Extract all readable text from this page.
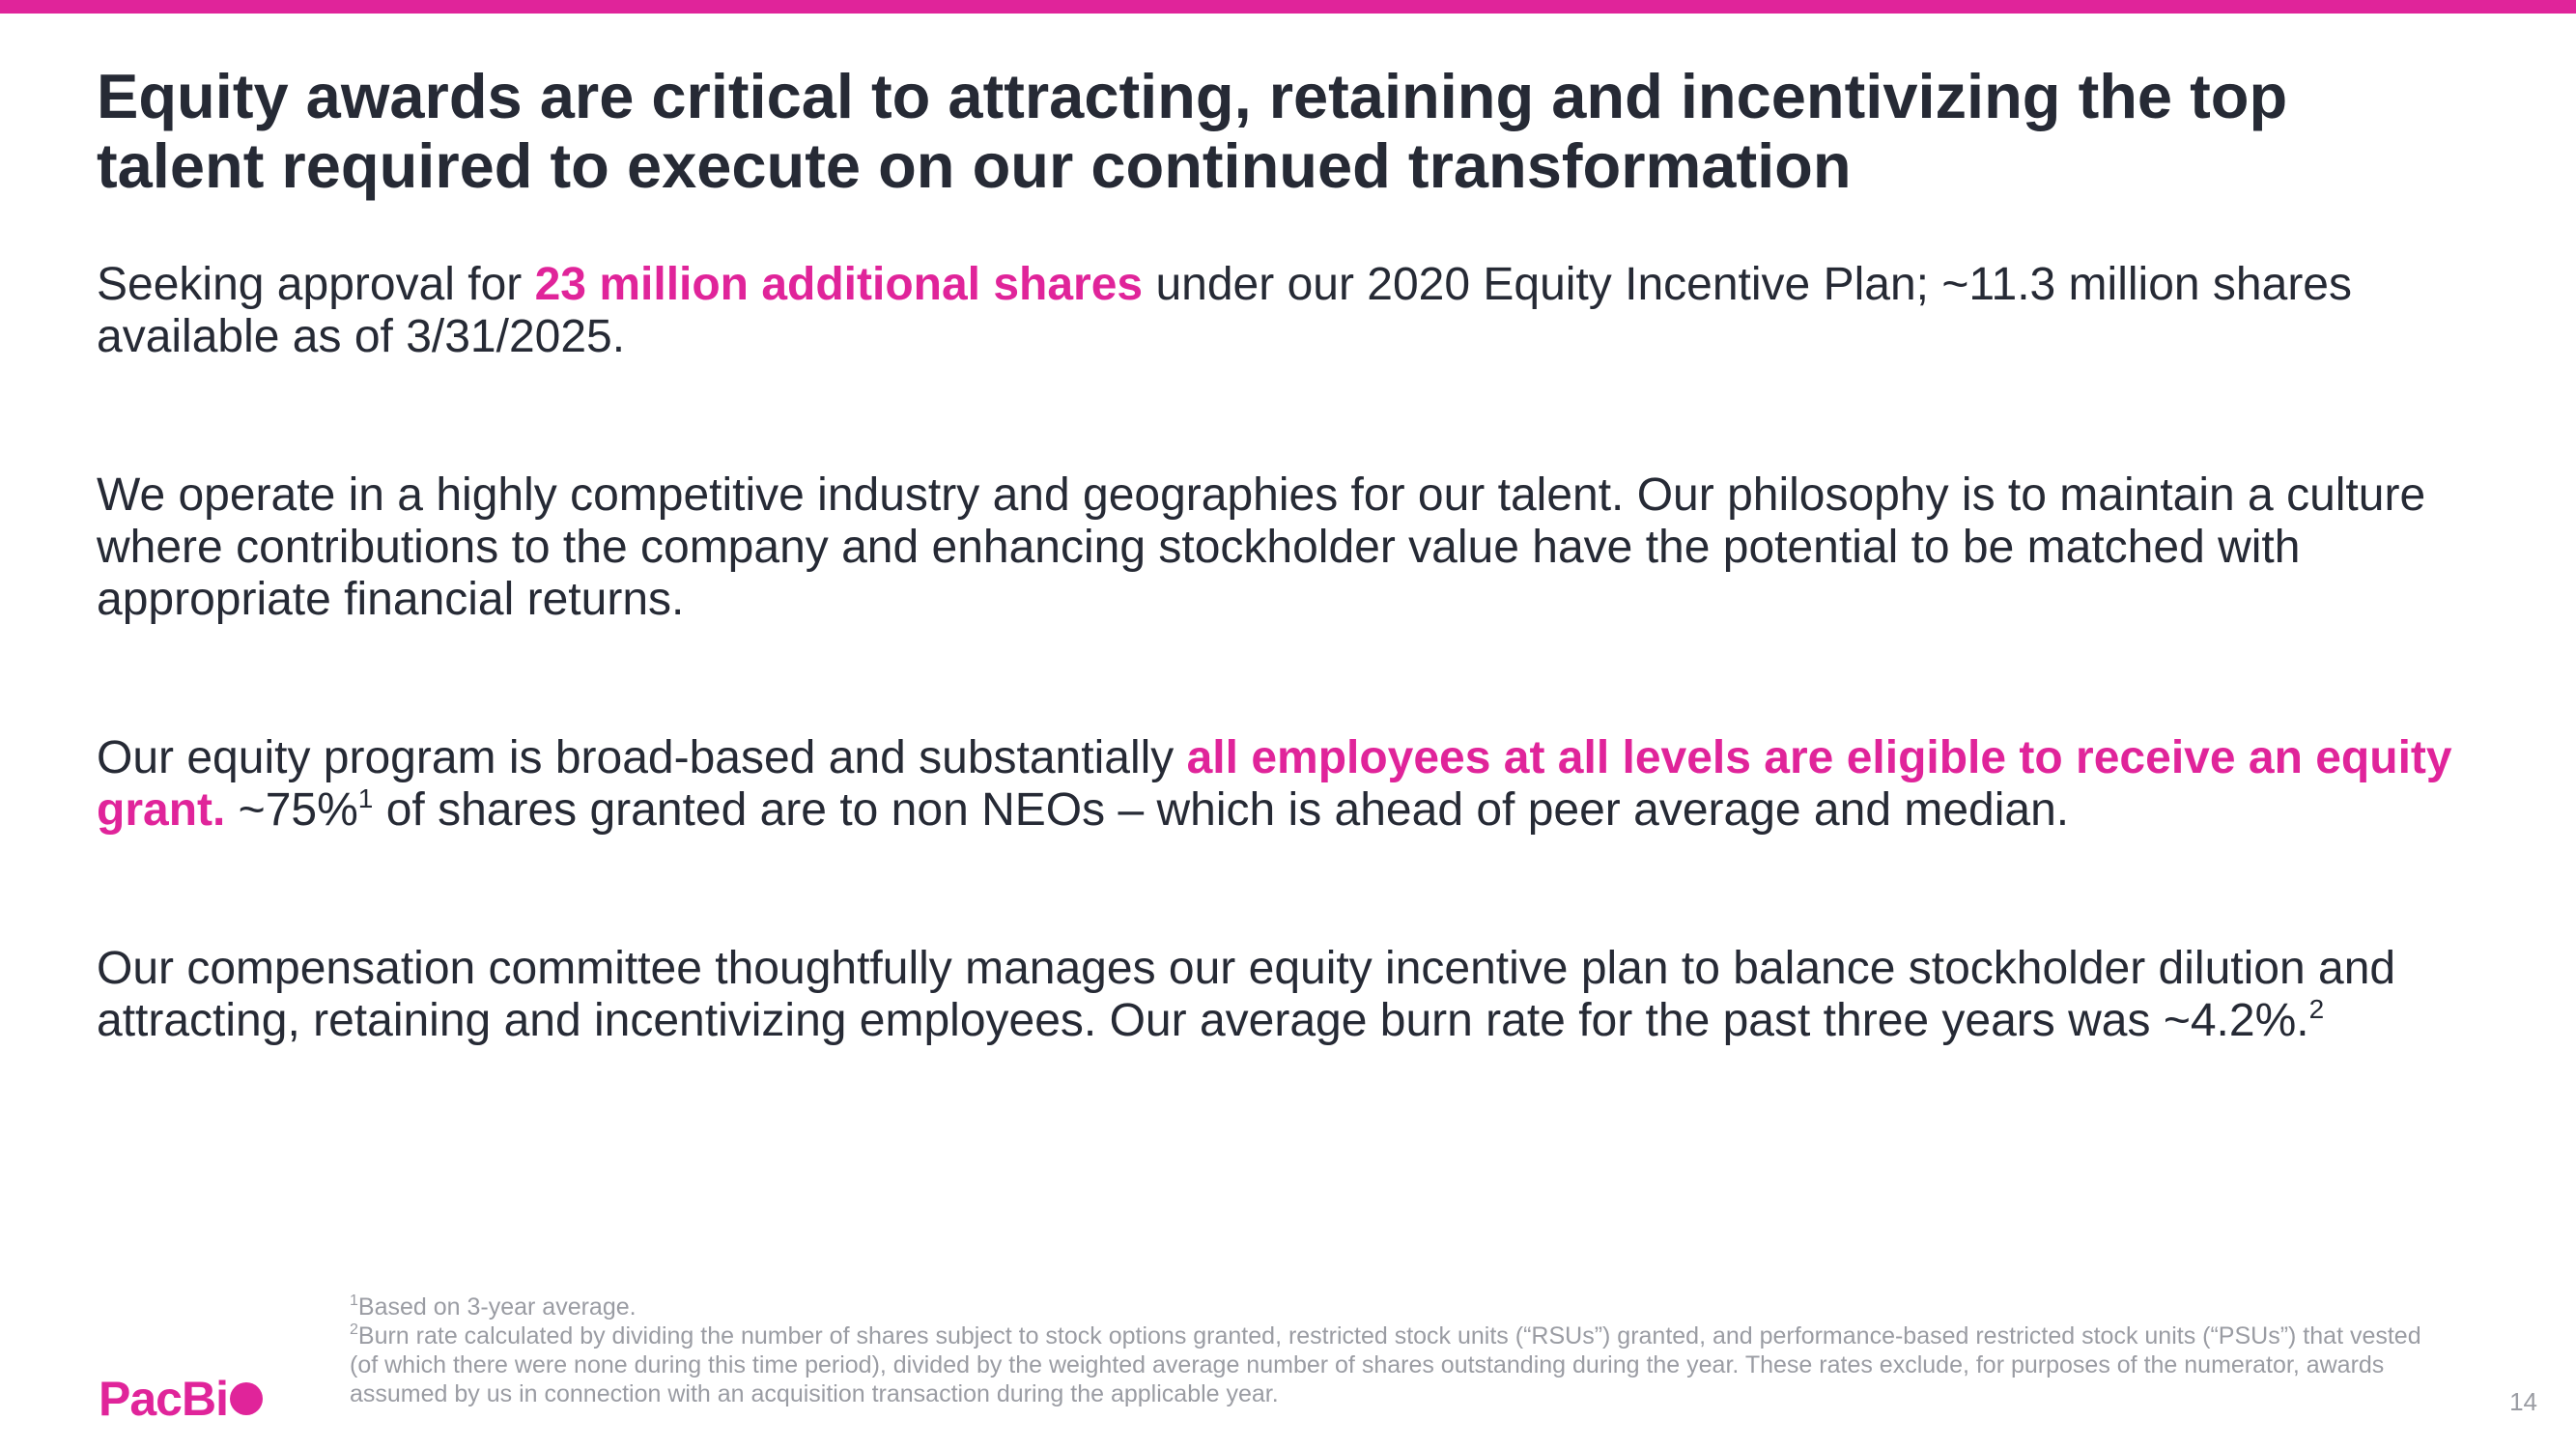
Equity awards are critical to attracting, retaining and incentivizing the top
talent required to execute on our continued transformation

Seeking approval for 23 million additional shares under our 2020 Equity Incentive Plan; ~11.3 million shares available as of 3/31/2025.

We operate in a highly competitive industry and geographies for our talent. Our philosophy is to maintain a culture where contributions to the company and enhancing stockholder value have the potential to be matched with appropriate financial returns.

Our equity program is broad-based and substantially all employees at all levels are eligible to receive an equity grant. ~75%$^1$ of shares granted are to non NEOs – which is ahead of peer average and median.

Our compensation committee thoughtfully manages our equity incentive plan to balance stockholder dilution and attracting, retaining and incentivizing employees. Our average burn rate for the past three years was ~4.2%.$^2$

$^1$Based on 3-year average.

$^2$Burn rate calculated by dividing the number of shares subject to stock options granted, restricted stock units (“RSUs”) granted, and performance-based restricted stock units (“PSUs”) that vested (of which there were none during this time period), divided by the weighted average number of shares outstanding during the year. These rates exclude, for purposes of the numerator, awards assumed by us in connection with an acquisition transaction during the applicable year.

PacBi	14
